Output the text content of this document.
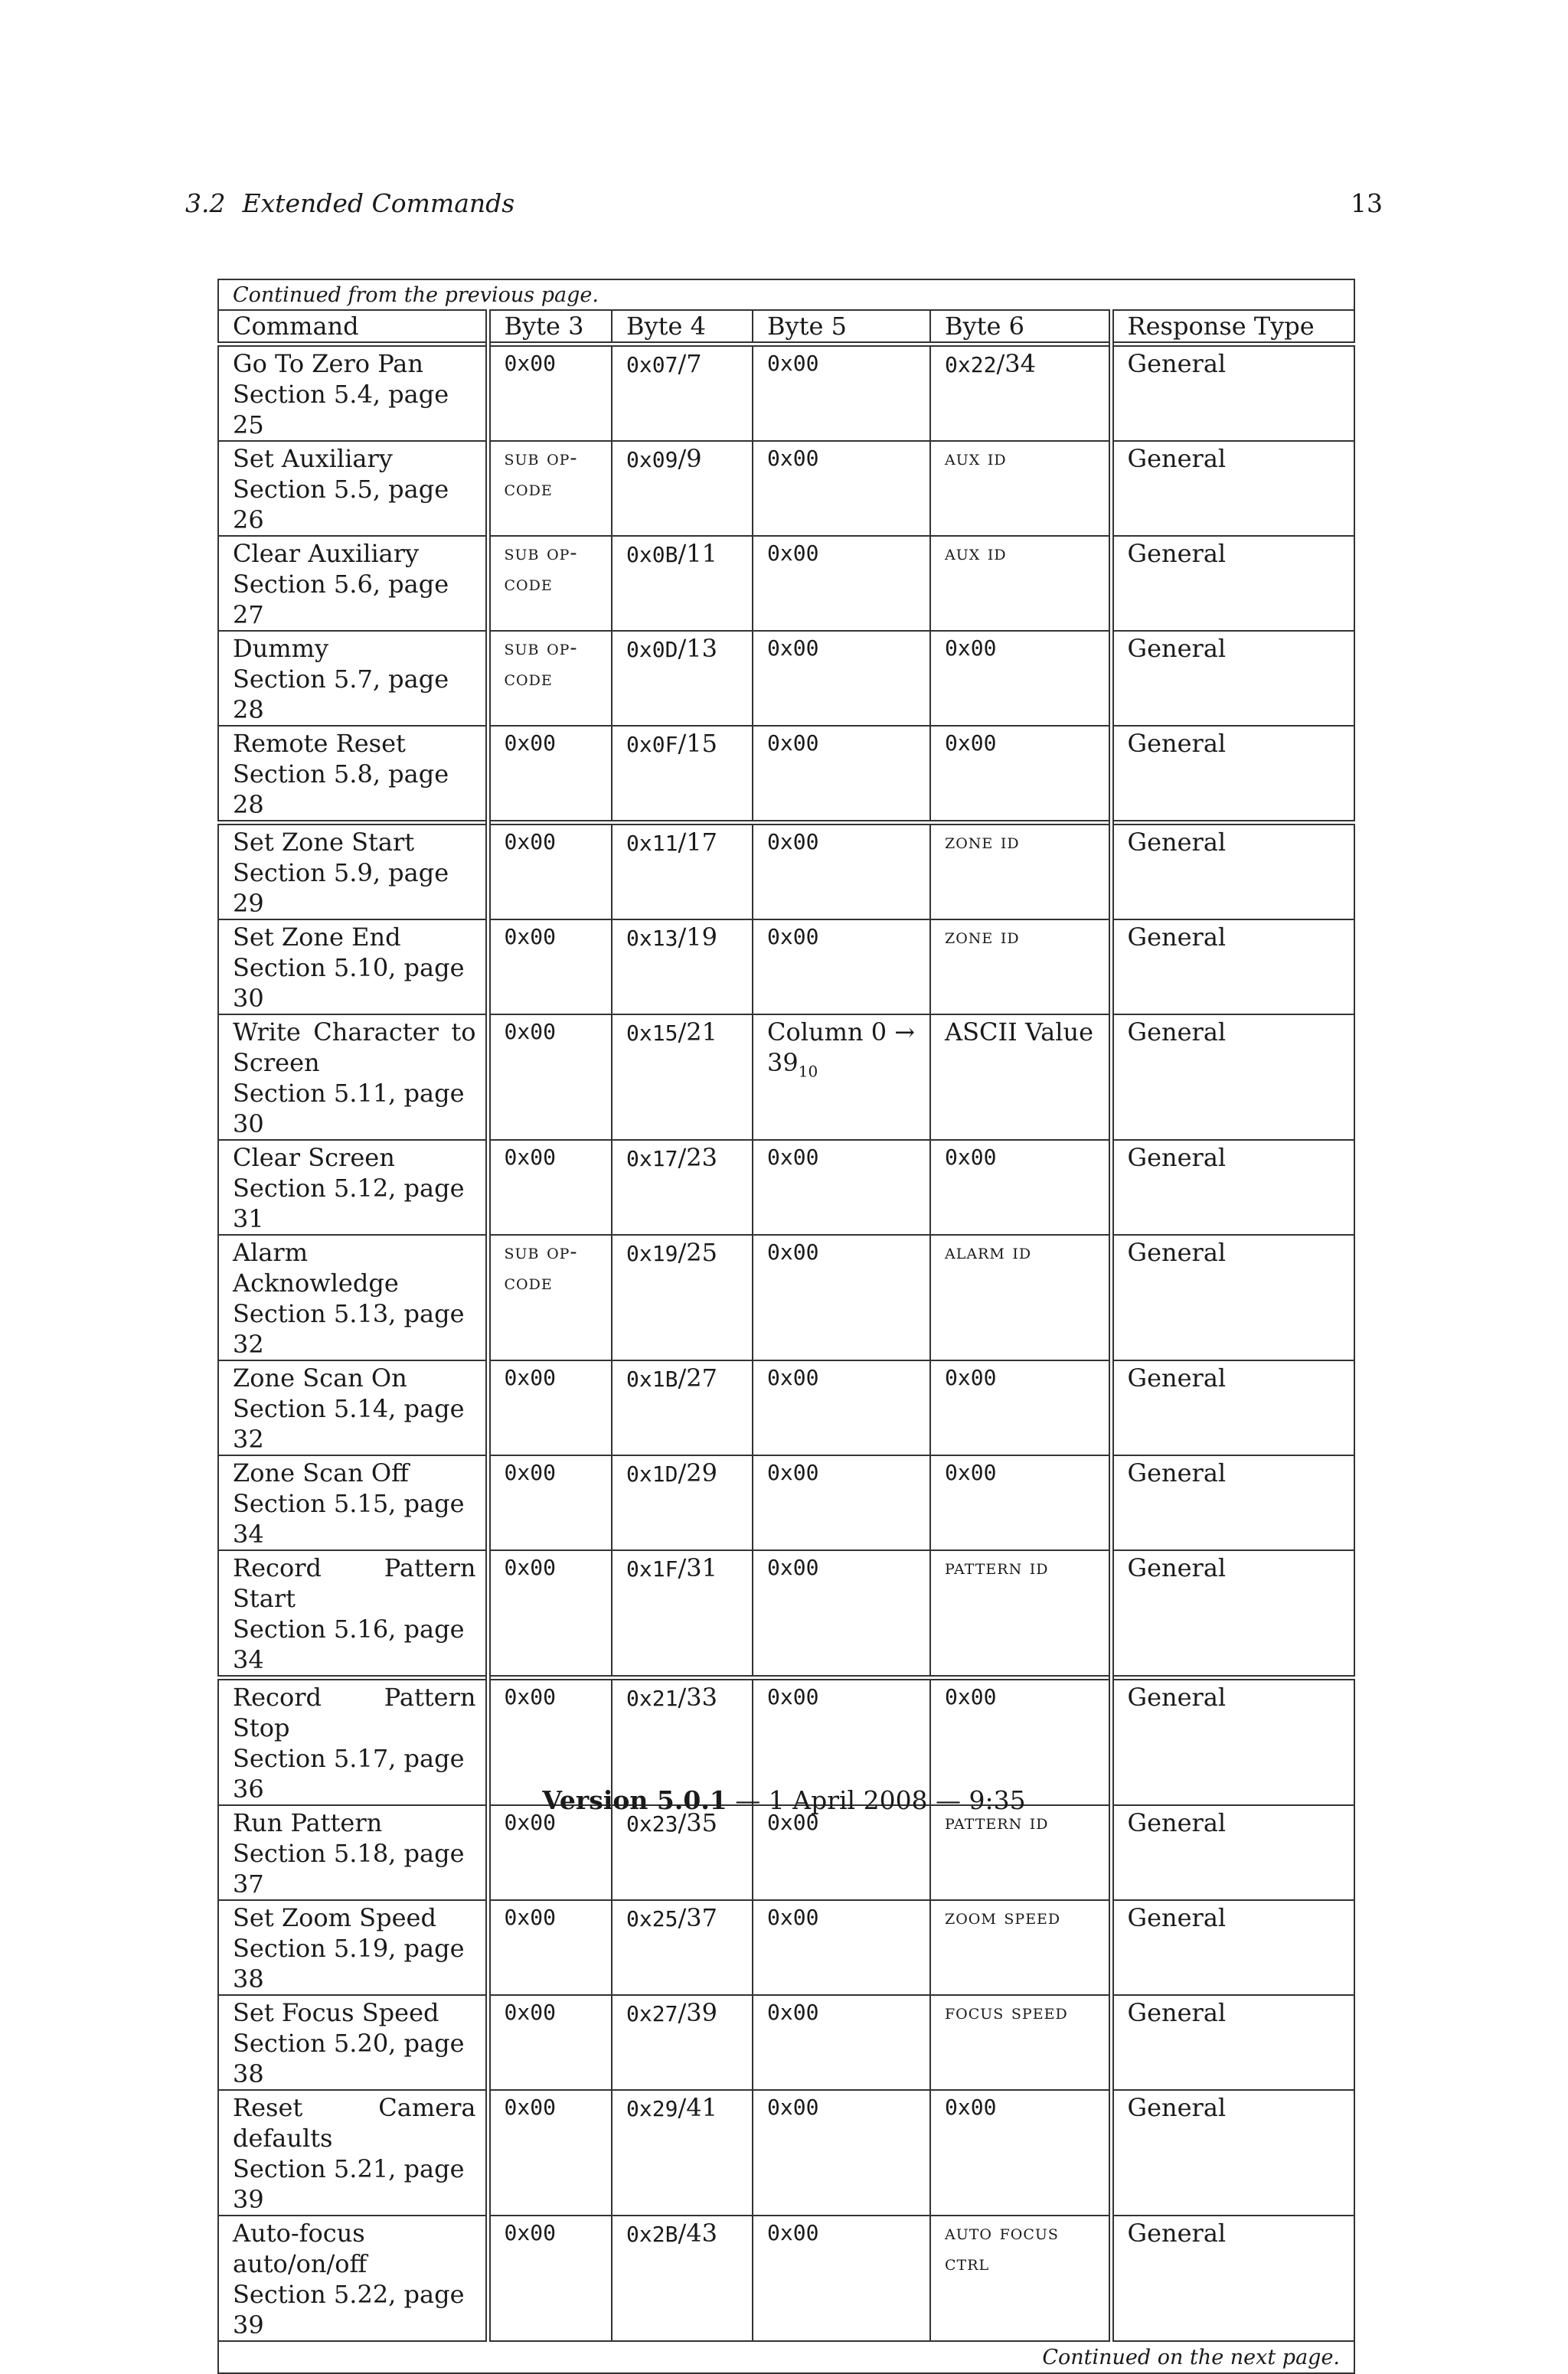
3.2 Extended Commands	13
Continued from the previous page.					
Command	Byte 3	Byte 4	Byte 5	Byte 6	Response Type

Go To Zero Pan
Section 5.4, page 25	0x00	0x07/7	0x00	0x22/34	General

Set Auxiliary
Section 5.5, page 26	sub op-code	0x09/9	0x00	aux id	General

Clear Auxiliary
Section 5.6, page 27	sub op-code	0x0B/11	0x00	aux id	General

Dummy
Section 5.7, page 28	sub op-code	0x0D/13	0x00	0x00	General

Remote Reset
Section 5.8, page 28	0x00	0x0F/15	0x00	0x00	General

Set Zone Start
Section 5.9, page 29	0x00	0x11/17	0x00	zone id	General

Set Zone End
Section 5.10, page 30	0x00	0x13/19	0x00	zone id	General

Write Character to Screen
Section 5.11, page 30	0x00	0x15/21	Column $0 \to 39_{10}$	ASCII Value	General

Clear Screen
Section 5.12, page 31	0x00	0x17/23	0x00	0x00	General

Alarm Acknowledge
Section 5.13, page 32	sub op-code	0x19/25	0x00	alarm id	General

Zone Scan On
Section 5.14, page 32	0x00	0x1B/27	0x00	0x00	General

Zone Scan Off
Section 5.15, page 34	0x00	0x1D/29	0x00	0x00	General

Record Pattern Start
Section 5.16, page 34	0x00	0x1F/31	0x00	pattern id	General

Record Pattern Stop
Section 5.17, page 36	0x00	0x21/33	0x00	0x00	General

Run Pattern
Section 5.18, page 37	0x00	0x23/35	0x00	pattern id	General

Set Zoom Speed
Section 5.19, page 38	0x00	0x25/37	0x00	zoom speed	General

Set Focus Speed
Section 5.20, page 38	0x00	0x27/39	0x00	focus speed	General

Reset Camera defaults
Section 5.21, page 39	0x00	0x29/41	0x00	0x00	General

Auto-focus auto/on/off
Section 5.22, page 39	0x00	0x2B/43	0x00	auto focus ctrl	General
Continued on the next page.					
Version 5.0.1 — 1 April 2008 — 9:35
